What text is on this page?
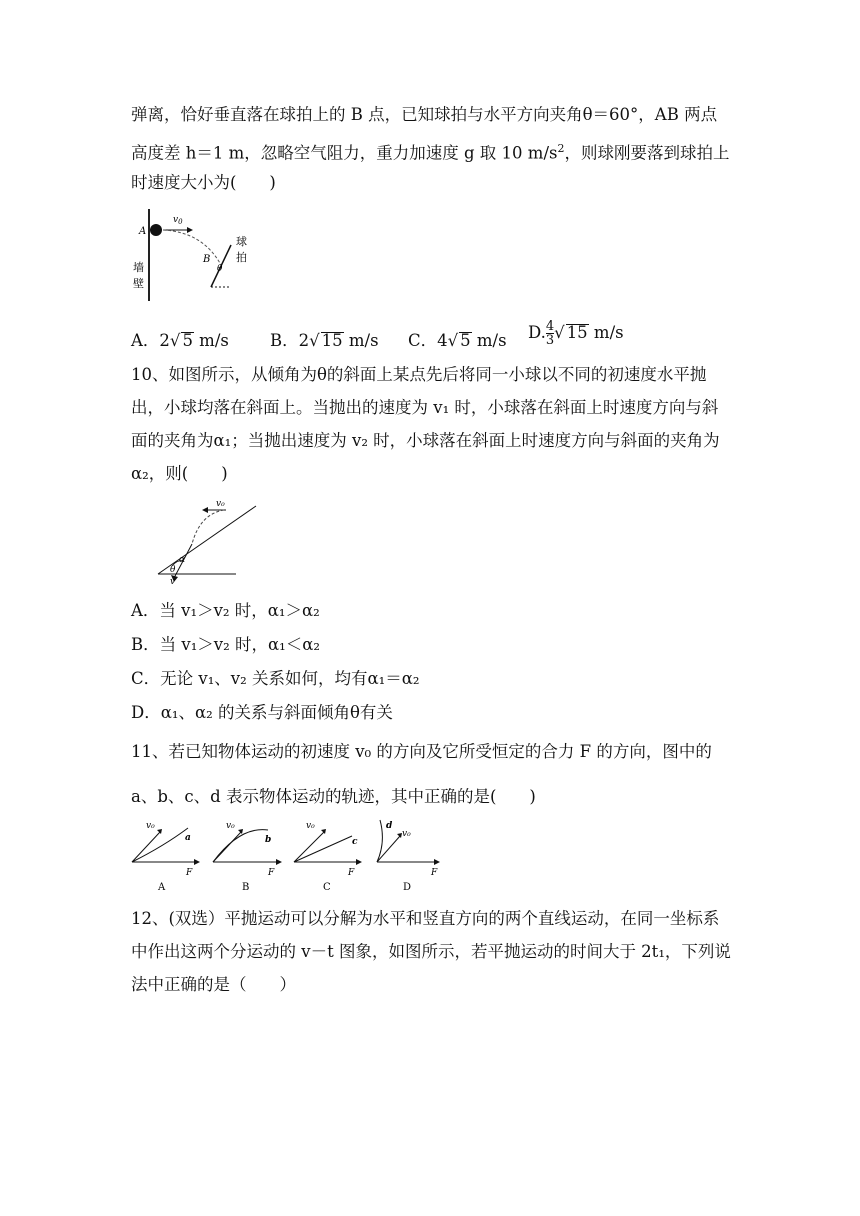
弹离，恰好垂直落在球拍上的 B 点，已知球拍与水平方向夹角θ＝60°，AB 两点
高度差 h＝1 m，忽略空气阻力，重力加速度 g 取 10 $m/s^2$，则球刚要落到球拍上
时速度大小为(　　)
A
$v_0$
B
θ
墙
壁
球
拍
A．2√ 5 m/s B．2√ 15 m/s C．4√ 5 m/s D. $\frac{4}{3}$ √ 15 m/s
10、如图所示，从倾角为θ的斜面上某点先后将同一小球以不同的初速度水平抛出，小球均落在斜面上。当抛出的速度为 v₁ 时，小球落在斜面上时速度方向与斜面的夹角为α₁；当抛出速度为 v₂ 时，小球落在斜面上时速度方向与斜面的夹角为α₂，则(　　)
v₀
α
θ
v
A．当 v₁＞v₂ 时，α₁＞α₂
B．当 v₁＞v₂ 时，α₁＜α₂
C．无论 v₁、v₂ 关系如何，均有α₁＝α₂
D．α₁、α₂ 的关系与斜面倾角θ有关
11、若已知物体运动的初速度 v₀ 的方向及它所受恒定的合力 F 的方向，图中的 a、b、c、d 表示物体运动的轨迹，其中正确的是(　　)
v₀
a
F
A
v₀
b
F
B
v₀
c
F
C
d
v₀
F
D
12、(双选）平抛运动可以分解为水平和竖直方向的两个直线运动，在同一坐标系中作出这两个分运动的 v－t 图象，如图所示，若平抛运动的时间大于 2t₁，下列说法中正确的是（　　）
